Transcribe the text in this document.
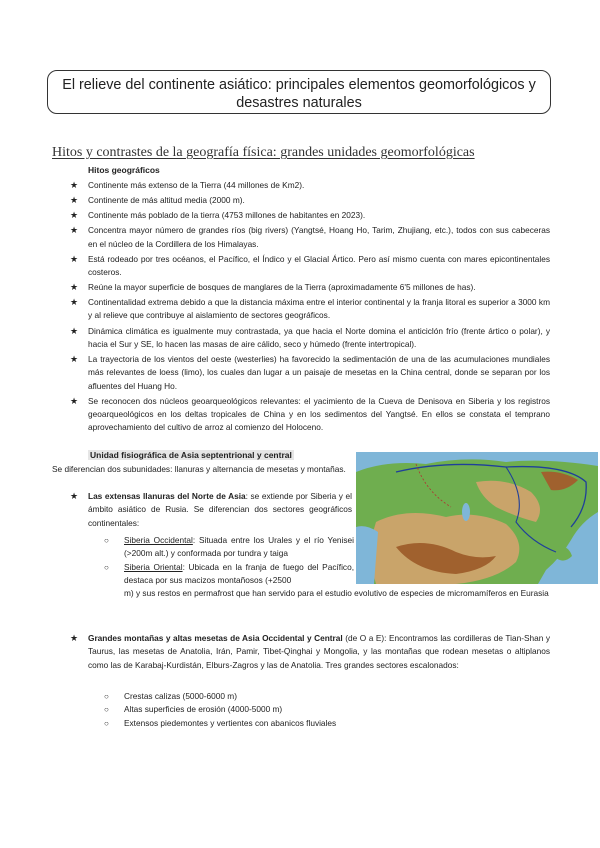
El relieve del continente asiático: principales elementos geomorfológicos y desastres naturales
Hitos y contrastes de la geografía física: grandes unidades geomorfológicas
Hitos geográficos
★ Continente más extenso de la Tierra (44 millones de Km2).
★ Continente de más altitud media (2000 m).
★ Continente más poblado de la tierra (4753 millones de habitantes en 2023).
★ Concentra mayor número de grandes ríos (big rivers) (Yangtsé, Hoang Ho, Tarim, Zhujiang, etc.), todos con sus cabeceras en el núcleo de la Cordillera de los Himalayas.
★ Está rodeado por tres océanos, el Pacífico, el Índico y el Glacial Ártico. Pero así mismo cuenta con mares epicontinentales costeros.
★ Reúne la mayor superficie de bosques de manglares de la Tierra (aproximadamente 6'5 millones de has).
★ Continentalidad extrema debido a que la distancia máxima entre el interior continental y la franja litoral es superior a 3000 km y al relieve que contribuye al aislamiento de sectores geográficos.
★ Dinámica climática es igualmente muy contrastada, ya que hacia el Norte domina el anticiclón frío (frente ártico o polar), y hacia el Sur y SE, lo hacen las masas de aire cálido, seco y húmedo (frente intertropical).
★ La trayectoria de los vientos del oeste (westerlies) ha favorecido la sedimentación de una de las acumulaciones mundiales más relevantes de loess (limo), los cuales dan lugar a un paisaje de mesetas en la China central, donde se separan por los afluentes del Huang Ho.
★ Se reconocen dos núcleos geoarqueológicos relevantes: el yacimiento de la Cueva de Denisova en Siberia y los registros geoarqueológicos en los deltas tropicales de China y en los sedimentos del Yangtsé. En ellos se constata el temprano aprovechamiento del cultivo de arroz al comienzo del Holoceno.
Unidad fisiográfica de Asia septentrional y central
Se diferencian dos subunidades: llanuras y alternancia de mesetas y montañas.
★	Las extensas llanuras del Norte de Asia: se extiende por Siberia y el ámbito asiático de Rusia. Se diferencian dos sectores geográficos continentales:
○ Siberia Occidental: Situada entre los Urales y el río Yenisei (>200m alt.) y conformada por tundra y taiga
○ Siberia Oriental: Ubicada en la franja de fuego del Pacífico, destaca por sus macizos montañosos (+2500
m) y sus restos en permafrost que han servido para el estudio evolutivo de especies de micromamíferos en Eurasia
★	Grandes montañas y altas mesetas de Asia Occidental y Central (de O a E): Encontramos las cordilleras de Tian-Shan y Taurus, las mesetas de Anatolia, Irán, Pamir, Tibet-Qinghai y Mongolia, y las montañas que rodean mesetas o altiplanos como las de Karabaj-Kurdistán, Elburs-Zagros y las de Anatolia. Tres grandes sectores escalonados:
○ Crestas calizas (5000-6000 m)
○ Altas superficies de erosión (4000-5000 m)
○ Extensos piedemontes y vertientes con abanicos fluviales
